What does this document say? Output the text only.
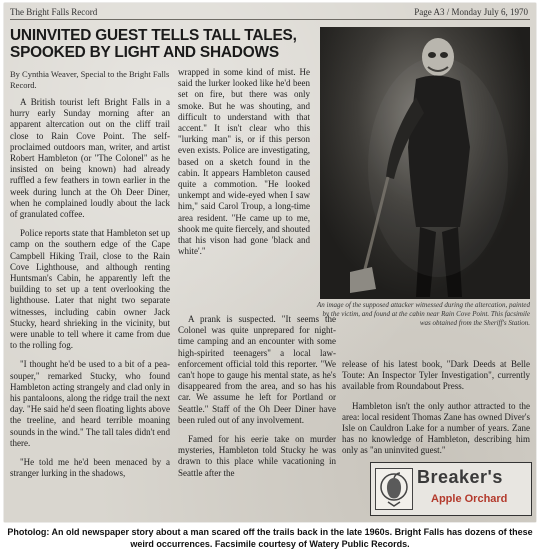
The Bright Falls Record	Page A3 / Monday July 6, 1970
UNINVITED GUEST TELLS TALL TALES, SPOOKED BY LIGHT AND SHADOWS
By Cynthia Weaver, Special to the Bright Falls Record.

A British tourist left Bright Falls in a hurry early Sunday morning after an apparent altercation out on the cliff trail close to Rain Cove Point. The self-proclaimed outdoors man, writer, and artist Robert Hambleton (or "The Colonel" as he insisted on being known) had already ruffled a few feathers in town earlier in the week during lunch at the Oh Deer Diner, when he complained loudly about the lack of granulated coffee.

Police reports state that Hambleton set up camp on the southern edge of the Cape Campbell Hiking Trail, close to the Rain Cove Lighthouse, and although renting Huntsman's Cabin, he apparently left the building to set up a tent overlooking the lighthouse. Later that night two separate witnesses, including cabin owner Jack Stucky, heard shrieking in the vicinity, but were unable to tell where it came from due to the rolling fog.

"I thought he'd be used to a bit of a pea-souper," remarked Stucky, who found Hambleton acting strangely and clad only in his pantaloons, along the ridge trail the next day. "He said he'd seen floating lights above the treeline, and heard terrible moaning sounds in the wind." The tall tales didn't end there.

"He told me he'd been menaced by a stranger lurking in the shadows,

wrapped in some kind of mist. He said the lurker looked like he'd been set on fire, but there was only smoke. But he was shouting, and difficult to understand with that accent." It isn't clear who this "lurking man" is, or if this person even exists. Police are investigating, based on a sketch found in the cabin. It appears Hambleton caused quite a commotion. "He looked unkempt and wide-eyed when I saw him," said Carol Troup, a long-time area resident. "He came up to me, shook me quite fiercely, and shouted that his vison had gone 'black and white'."

A prank is suspected. "It seems the Colonel was quite unprepared for night-time camping and an encounter with some high-spirited teenagers" a local law-enforcement official told this reporter. "We can't hope to gauge his mental state, as he's disappeared from the area, and so has his car. We assume he left for Portland or Seattle." Staff of the Oh Deer Diner have been ruled out of any involvement.

Famed for his eerie take on murder mysteries, Hambleton told Stucky he was drawn to this place while vacationing in Seattle after the

An image of the supposed attacker witnessed during the altercation, painted by the victim, and found at the cabin near Rain Cove Point. This facsimile was obtained from the Sheriff's Station.

release of his latest book, "Dark Deeds at Belle Toute: An Inspector Tyler Investigation", currently available from Roundabout Press.

Hambleton isn't the only author attracted to the area: local resident Thomas Zane has owned Diver's Isle on Cauldron Lake for a number of years. Zane has no knowledge of Hambleton, describing him only as "an uninvited guest."

Breaker's
Apple Orchard
Photolog: An old newspaper story about a man scared off the trails back in the late 1960s. Bright Falls has dozens of these weird occurrences. Facsimile courtesy of Watery Public Records.
